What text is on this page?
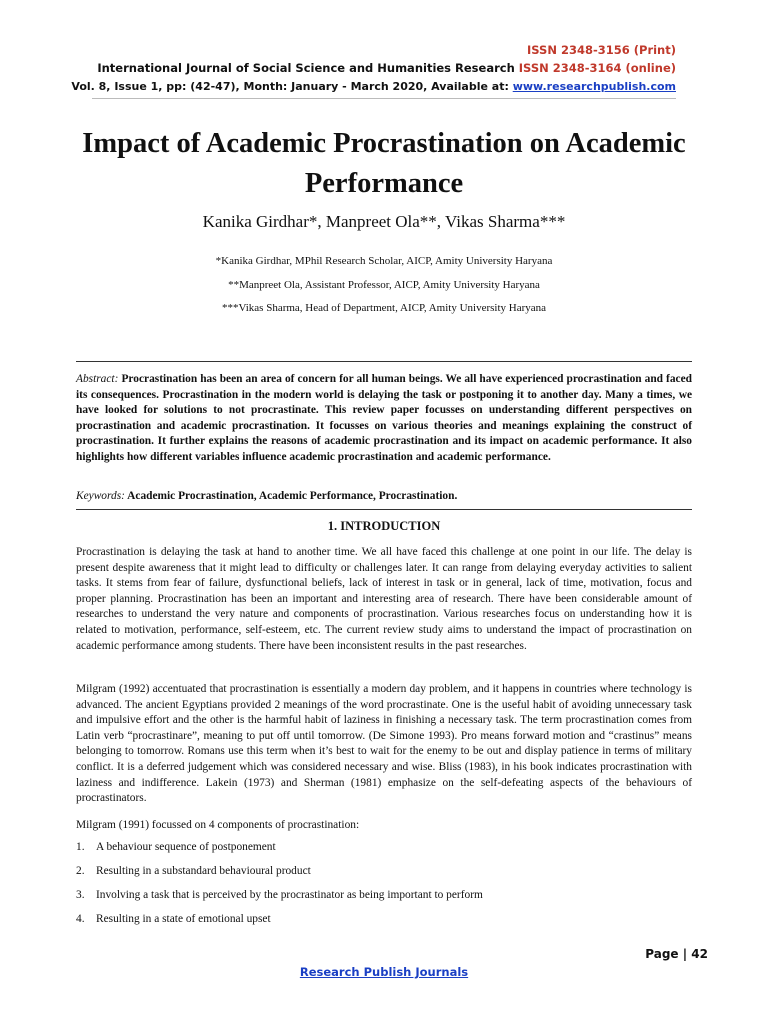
ISSN 2348-3156 (Print)
International Journal of Social Science and Humanities Research ISSN 2348-3164 (online)
Vol. 8, Issue 1, pp: (42-47), Month: January - March 2020, Available at: www.researchpublish.com
Impact of Academic Procrastination on Academic Performance
Kanika Girdhar*, Manpreet Ola**, Vikas Sharma***
*Kanika Girdhar, MPhil Research Scholar, AICP, Amity University Haryana
**Manpreet Ola, Assistant Professor, AICP, Amity University Haryana
***Vikas Sharma, Head of Department, AICP, Amity University Haryana
Abstract: Procrastination has been an area of concern for all human beings. We all have experienced procrastination and faced its consequences. Procrastination in the modern world is delaying the task or postponing it to another day. Many a times, we have looked for solutions to not procrastinate. This review paper focusses on understanding different perspectives on procrastination and academic procrastination. It focusses on various theories and meanings explaining the construct of procrastination. It further explains the reasons of academic procrastination and its impact on academic performance. It also highlights how different variables influence academic procrastination and academic performance.
Keywords: Academic Procrastination, Academic Performance, Procrastination.
1. INTRODUCTION
Procrastination is delaying the task at hand to another time. We all have faced this challenge at one point in our life. The delay is present despite awareness that it might lead to difficulty or challenges later. It can range from delaying everyday activities to salient tasks. It stems from fear of failure, dysfunctional beliefs, lack of interest in task or in general, lack of time, motivation, focus and proper planning. Procrastination has been an important and interesting area of research. There have been considerable amount of researches to understand the very nature and components of procrastination. Various researches focus on understanding how it is related to motivation, performance, self-esteem, etc. The current review study aims to understand the impact of procrastination on academic performance among students. There have been inconsistent results in the past researches.
Milgram (1992) accentuated that procrastination is essentially a modern day problem, and it happens in countries where technology is advanced. The ancient Egyptians provided 2 meanings of the word procrastinate. One is the useful habit of avoiding unnecessary task and impulsive effort and the other is the harmful habit of laziness in finishing a necessary task. The term procrastination comes from Latin verb “procrastinare”, meaning to put off until tomorrow. (De Simone 1993). Pro means forward motion and “crastinus” means belonging to tomorrow. Romans use this term when it’s best to wait for the enemy to be out and display patience in terms of military conflict. It is a deferred judgement which was considered necessary and wise. Bliss (1983), in his book indicates procrastination with laziness and indifference. Lakein (1973) and Sherman (1981) emphasize on the self-defeating aspects of the behaviours of procrastinators.
Milgram (1991) focussed on 4 components of procrastination:
1. A behaviour sequence of postponement
2. Resulting in a substandard behavioural product
3. Involving a task that is perceived by the procrastinator as being important to perform
4. Resulting in a state of emotional upset
Page | 42
Research Publish Journals
